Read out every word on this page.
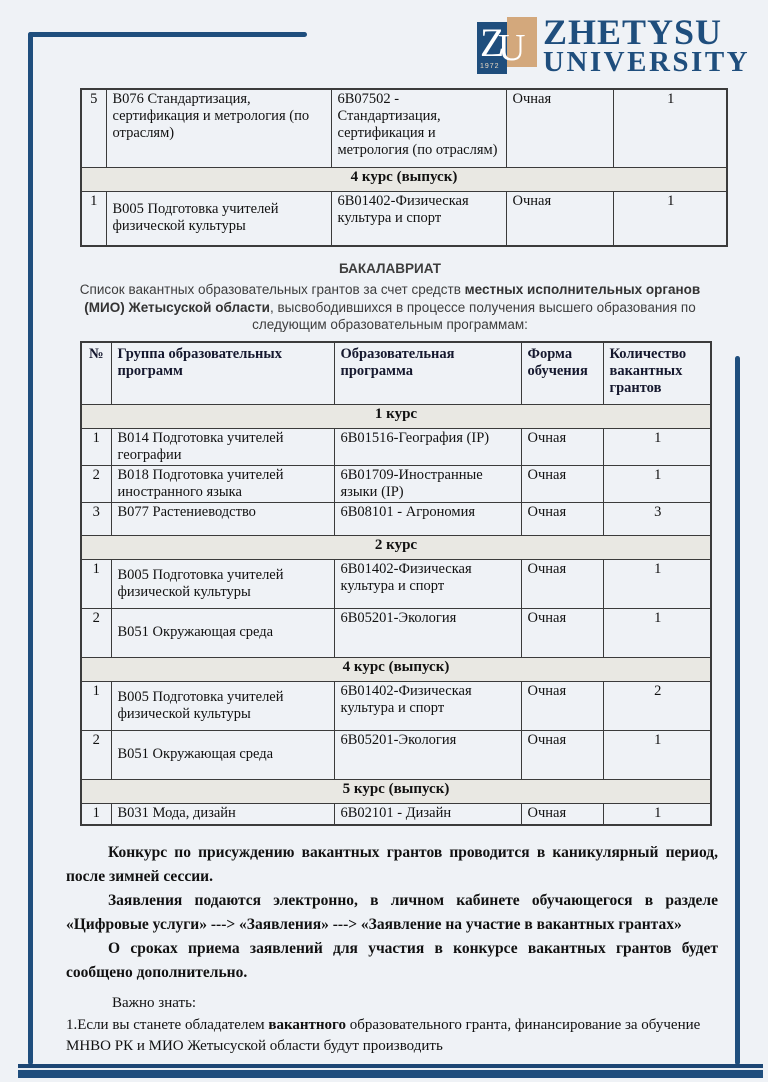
Z
U
1972
ZHETYSU
UNIVERSITY
5	В076 Стандартизация, сертификация и метрология (по отраслям)	6В07502 - Стандартизация, сертификация и метрология (по отраслям)	Очная	1
4 курс (выпуск)				
1	В005 Подготовка учителей физической культуры	6В01402-Физическая культура и спорт	Очная	1
БАКАЛАВРИАТ
Список вакантных образовательных грантов за счет средств местных исполнительных органов (МИО) Жетысуской области, высвободившихся в процессе получения высшего образования по следующим образовательным программам:
№	Группа образовательных программ	Образовательная программа	Форма обучения	Количество вакантных грантов
1 курс				
1	В014 Подготовка учителей географии	6В01516-География (IP)	Очная	1
2	В018 Подготовка учителей иностранного языка	6В01709-Иностранные языки (IP)	Очная	1
3	В077 Растениеводство	6В08101 - Агрономия	Очная	3
2 курс				
1	В005 Подготовка учителей физической культуры	6В01402-Физическая культура и спорт	Очная	1
2	В051 Окружающая среда	6В05201-Экология	Очная	1
4 курс (выпуск)				
1	В005 Подготовка учителей физической культуры	6В01402-Физическая культура и спорт	Очная	2
2	В051 Окружающая среда	6В05201-Экология	Очная	1
5 курс (выпуск)				
1	В031 Мода, дизайн	6В02101 - Дизайн	Очная	1

Конкурс по присуждению вакантных грантов проводится в каникулярный период, после зимней сессии.

Заявления подаются электронно, в личном кабинете обучающегося в разделе «Цифровые услуги» ---> «Заявления» ---> «Заявление на участие в вакантных грантах»

О сроках приема заявлений для участия в конкурсе вакантных грантов будет сообщено дополнительно.

Важно знать:

1.Если вы станете обладателем вакантного образовательного гранта, финансирование за обучение МНВО РК и МИО Жетысуской области будут производить
